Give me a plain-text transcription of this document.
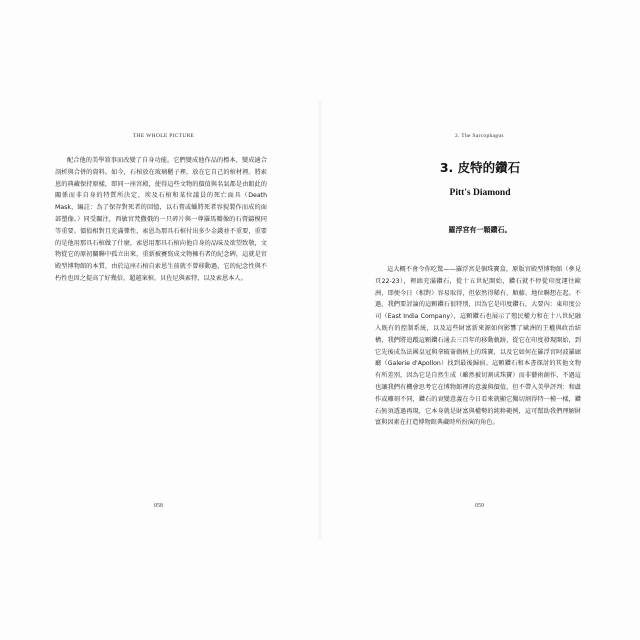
THE WHOLE PICTURE

配合他的美學敘事而改變了自身功能。它們變成他作品的標本，變成適合剖析與合併的資料。如今，石棺放在玻璃櫃子裡，放在它自己的棺材裡。將索恩的典藏保持原樣，即同一座宮殿，使得這些文物的價值與名氣都是由館此的關係而非自身的特質所決定，埃及石棺和某位議員的死亡面具（Death Mask，編註：為了保存對死者的回憶，以石膏或蠟將死者容貌製作而成的面部塑像。）同受關注，西敏宮梵撒俄的一只碎片與一尊羅馬瓣像的石膏鑄模同等重要。價值相對且充滿彈性，索恩為那具石棺付出多少金錢並不重要，重要的是他用那具石棺做了什麼，索恩用那具石棺向他自身的品味及欲望致敬，文物從它的原初關聯中孤立出來，重新被賽寫成文物擁有者的紀念碑，這就是宮殿型博物館的本質，由於這座石棺自索恩生前就不曾移動過，它的紀念性與不朽性也因之提高了好幾倍，超越案棺，貝佐尼與索特，以及索恩本人。

058
2. The Sarcophagus
3. 皮特的鑽石
Pitt's Diamond
羅浮宮有一顆鑽石。

這大概不會令你吃驚——羅浮宮是個珠寶盒，原版宮殿型博物館（參見頁22-23），裡頭充滿鑽石，從十五世紀開始，鑽石就不停從印度運往歐洲，即便今日（相對）容易取得，但依然得稀有、順藤、地位聯想在起。不過，我們要討論的這顆鑽石很特別，因為它是印度鑽石，大要內：東印度公司（East India Company），這顆鑽石也展示了殖民權力和在十八世紀融入既有的控制系統，以及這些財富新來源如何影響了歐洲的王權與政治結構，我們將追蹤這顆鑽石通去三百年的移動軌跡，從它在印度發現開始，到它先後成為法國皇冠與拿破崙劍柄上的珠寶，以及它如何在羅浮宮阿波羅廊廳（Galerie d'Apollon）找到最後歸宿。這顆鑽石和本書探討的其他文物有所差別，因為它是自然生成（雖然被切割成珠寶）而非藝術創作，不過這也讓我們有機會思考它在博物館裡的意義與價值，但不帶入美學評判：和盧作或雕刻不同，鑽石的衰變意義在今日看來就顯它獨切割得特一模一樣，鑽石無須透過再現，它本身就是財富與權勢的純粹範例，這可幫助我們理解財富與因素在打造博物館典藏時所扮演的角色。

059
